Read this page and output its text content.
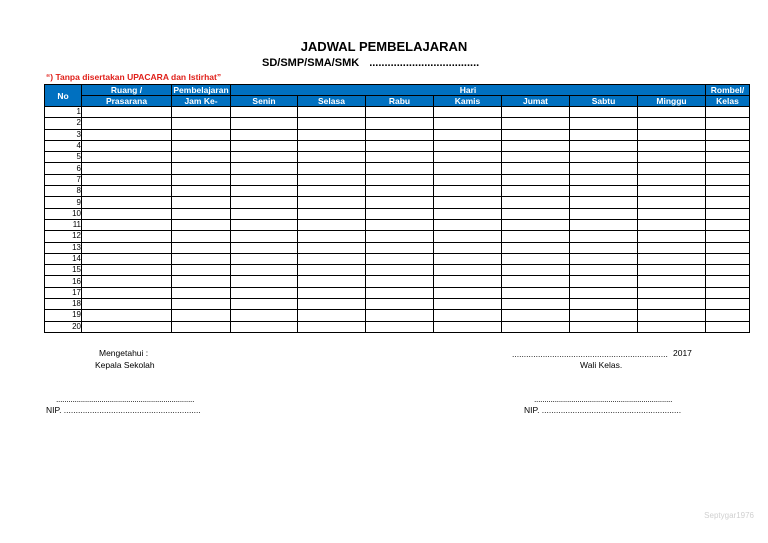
JADWAL PEMBELAJARAN
SD/SMP/SMA/SMK ....................................
“) Tanpa disertakan UPACARA dan Istirhat”
No	Ruang /	Pembelajaran	Hari							Rombel/
	Prasarana	Jam Ke-	Senin	Selasa	Rabu	Kamis	Jumat	Sabtu	Minggu	Kelas
1										
2										
3										
4										
5										
6										
7										
8										
9										
10										
11										
12										
13										
14										
15										
16										
17										
18										
19										
20										
Mengetahui :
Kepala Sekolah
...................................................................
NIP. ..........................................................
.................................................................. 2017
Wali Kelas.
...................................................................
NIP. ...........................................................
Septygar1976
